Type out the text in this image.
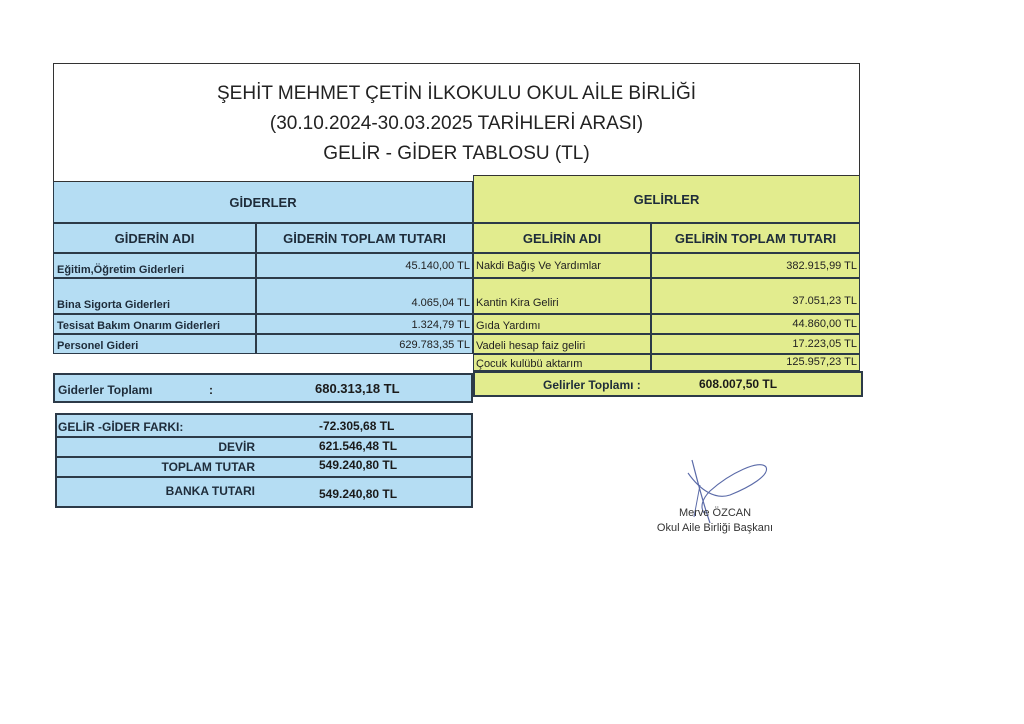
ŞEHİT MEHMET ÇETİN İLKOKULU OKUL AİLE BİRLİĞİ
(30.10.2024-30.03.2025 TARİHLERİ ARASI)
GELİR - GİDER TABLOSU (TL)
GİDERLER
GİDERİN ADI	GİDERİN TOPLAM TUTARI
GELİRLER
GELİRİN ADI	GELİRİN TOPLAM TUTARI
Eğitim,Öğretim Giderleri	45.140,00 TL
Bina Sigorta Giderleri	4.065,04 TL
Tesisat Bakım Onarım Giderleri	1.324,79 TL
Personel Gideri	629.783,35 TL
Nakdi Bağış Ve Yardımlar	382.915,99 TL
Kantin Kira Geliri	37.051,23 TL
Gıda Yardımı	44.860,00 TL
Vadeli hesap faiz geliri	17.223,05 TL
Çocuk kulübü aktarım	125.957,23 TL
Giderler Toplamı	:	680.313,18 TL	Gelirler Toplamı :	608.007,50 TL
GELİR -GİDER FARKI:	-72.305,68 TL
DEVİR	621.546,48 TL
TOPLAM TUTAR	549.240,80 TL
BANKA TUTARI	549.240,80 TL
Merve ÖZCAN
Okul Aile Birliği Başkanı
